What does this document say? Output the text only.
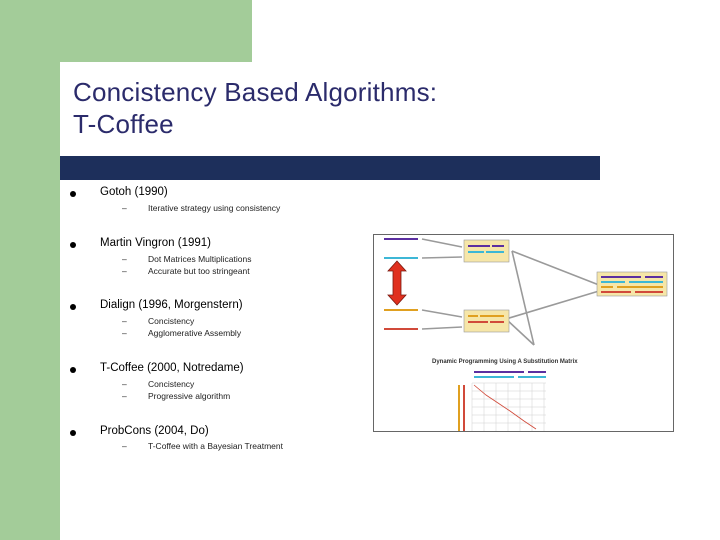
Concistency Based Algorithms:
T-Coffee
Gotoh (1990)
–	Iterative strategy using consistency
Martin Vingron (1991)
–	Dot Matrices Multiplications
–	Accurate but too stringeant
Dialign (1996, Morgenstern)
–	Concistency
–	Agglomerative Assembly
T-Coffee (2000, Notredame)
–	Concistency
–	Progressive algorithm
ProbCons (2004, Do)
–	T-Coffee with a Bayesian Treatment
Dynamic Programming Using A Substitution Matrix
